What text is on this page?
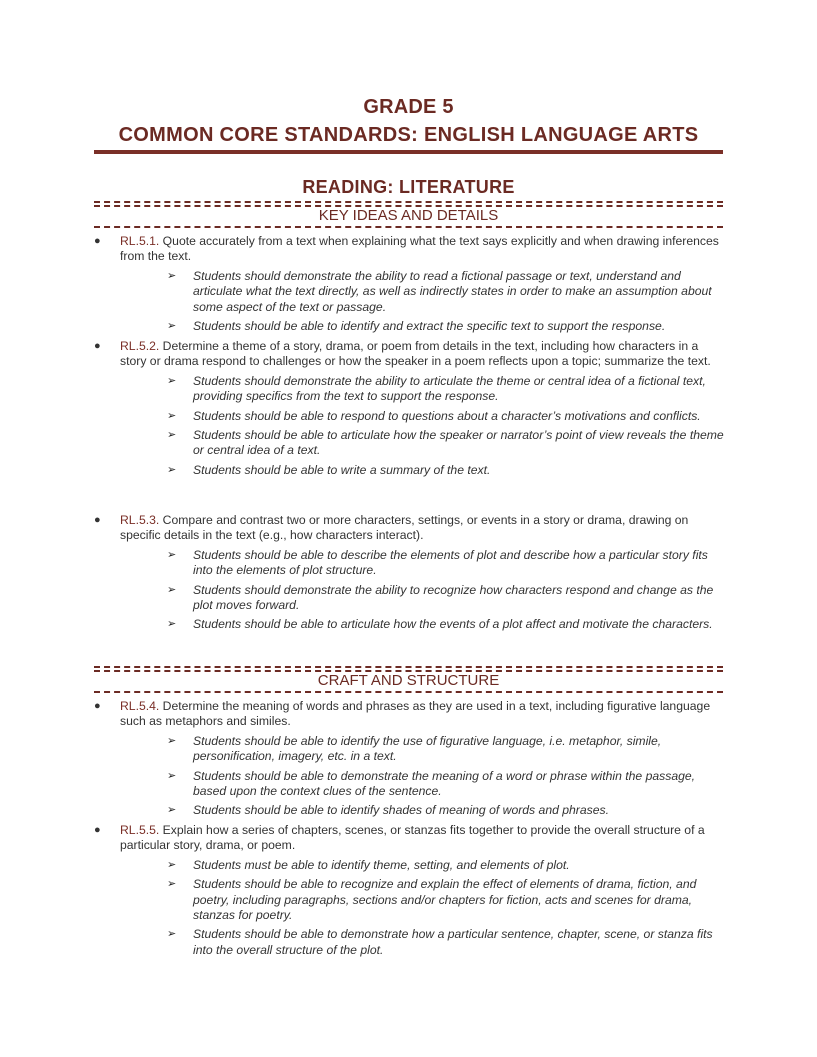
GRADE 5
COMMON CORE STANDARDS: ENGLISH LANGUAGE ARTS
READING: LITERATURE
KEY IDEAS AND DETAILS
● RL.5.1. Quote accurately from a text when explaining what the text says explicitly and when drawing inferences from the text.
➢ Students should demonstrate the ability to read a fictional passage or text, understand and articulate what the text directly, as well as indirectly states in order to make an assumption about some aspect of the text or passage.
➢ Students should be able to identify and extract the specific text to support the response.
● RL.5.2. Determine a theme of a story, drama, or poem from details in the text, including how characters in a story or drama respond to challenges or how the speaker in a poem reflects upon a topic; summarize the text.
➢ Students should demonstrate the ability to articulate the theme or central idea of a fictional text, providing specifics from the text to support the response.
➢ Students should be able to respond to questions about a character’s motivations and conflicts.
➢ Students should be able to articulate how the speaker or narrator’s point of view reveals the theme or central idea of a text.
➢ Students should be able to write a summary of the text.
● RL.5.3. Compare and contrast two or more characters, settings, or events in a story or drama, drawing on specific details in the text (e.g., how characters interact).
➢ Students should be able to describe the elements of plot and describe how a particular story fits into the elements of plot structure.
➢ Students should demonstrate the ability to recognize how characters respond and change as the plot moves forward.
➢ Students should be able to articulate how the events of a plot affect and motivate the characters.
CRAFT AND STRUCTURE
● RL.5.4. Determine the meaning of words and phrases as they are used in a text, including figurative language such as metaphors and similes.
➢ Students should be able to identify the use of figurative language, i.e. metaphor, simile, personification, imagery, etc. in a text.
➢ Students should be able to demonstrate the meaning of a word or phrase within the passage, based upon the context clues of the sentence.
➢ Students should be able to identify shades of meaning of words and phrases.
● RL.5.5. Explain how a series of chapters, scenes, or stanzas fits together to provide the overall structure of a particular story, drama, or poem.
➢ Students must be able to identify theme, setting, and elements of plot.
➢ Students should be able to recognize and explain the effect of elements of drama, fiction, and poetry, including paragraphs, sections and/or chapters for fiction, acts and scenes for drama, stanzas for poetry.
➢ Students should be able to demonstrate how a particular sentence, chapter, scene, or stanza fits into the overall structure of the plot.
